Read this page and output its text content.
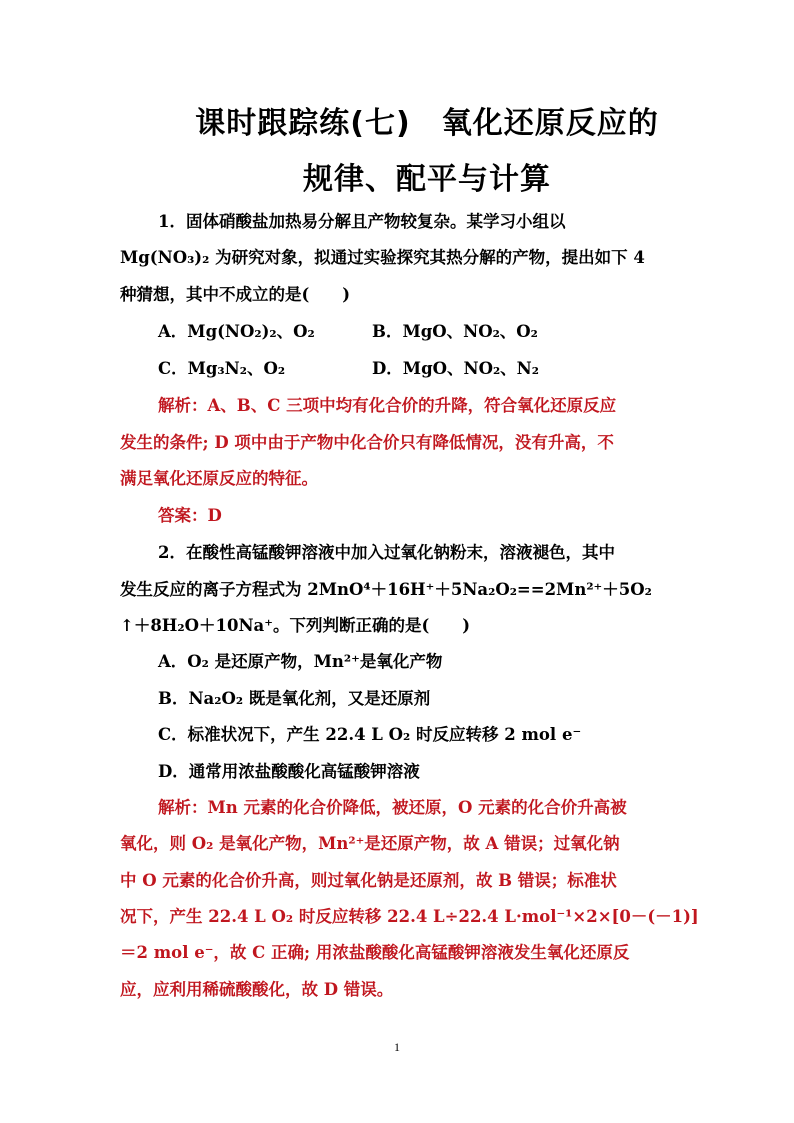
课时跟踪练(七)　氧化还原反应的
规律、配平与计算
1．固体硝酸盐加热易分解且产物较复杂。某学习小组以
Mg(NO₃)₂ 为研究对象，拟通过实验探究其热分解的产物，提出如下 4
种猜想，其中不成立的是(　　)
A．Mg(NO₂)₂、O₂	B．MgO、NO₂、O₂
C．Mg₃N₂、O₂	D．MgO、NO₂、N₂
解析：A、B、C 三项中均有化合价的升降，符合氧化还原反应
发生的条件; D 项中由于产物中化合价只有降低情况，没有升高，不
满足氧化还原反应的特征。
答案：D
2．在酸性高锰酸钾溶液中加入过氧化钠粉末，溶液褪色，其中
发生反应的离子方程式为 2MnO⁴＋16H⁺＋5Na₂O₂==2Mn²⁺＋5O₂
↑＋8H₂O＋10Na⁺。下列判断正确的是(　　)
A．O₂ 是还原产物，Mn²⁺是氧化产物
B．Na₂O₂ 既是氧化剂，又是还原剂
C．标准状况下，产生 22.4 L O₂ 时反应转移 2 mol e⁻
D．通常用浓盐酸酸化高锰酸钾溶液
解析：Mn 元素的化合价降低，被还原，O 元素的化合价升高被
氧化，则 O₂ 是氧化产物，Mn²⁺是还原产物，故 A 错误；过氧化钠
中 O 元素的化合价升高，则过氧化钠是还原剂，故 B 错误；标准状
况下，产生 22.4 L O₂ 时反应转移 22.4 L÷22.4 L·mol⁻¹×2×[0－(－1)]
＝2 mol e⁻，故 C 正确; 用浓盐酸酸化高锰酸钾溶液发生氧化还原反
应，应利用稀硫酸酸化，故 D 错误。
1
